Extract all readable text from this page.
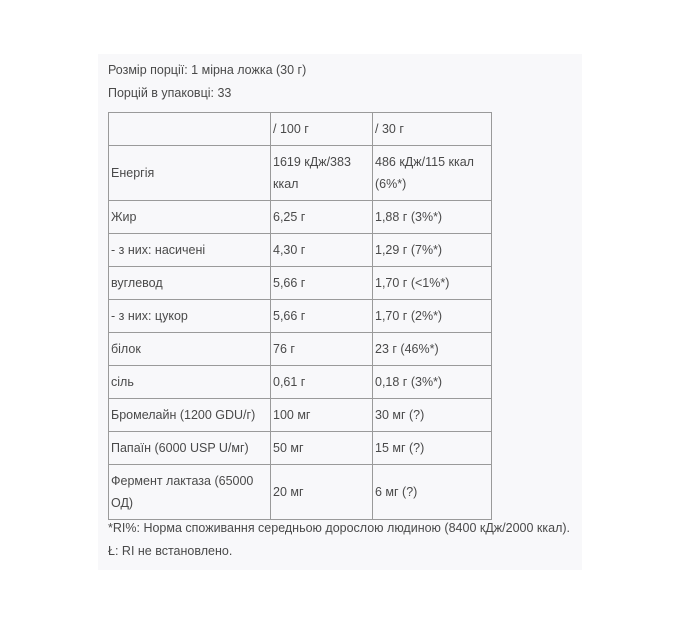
Розмір порції: 1 мірна ложка (30 г)
Порцій в упаковці: 33
	/ 100 г	/ 30 г
Енергія	1619 кДж/383 ккал	486 кДж/115 ккал (6%*)
Жир	6,25 г	1,88 г (3%*)
- з них: насичені	4,30 г	1,29 г (7%*)
вуглевод	5,66 г	1,70 г (<1%*)
- з них: цукор	5,66 г	1,70 г (2%*)
білок	76 г	23 г (46%*)
сіль	0,61 г	0,18 г (3%*)
Бромелайн (1200 GDU/г)	100 мг	30 мг (?)
Папаїн (6000 USP U/мг)	50 мг	15 мг (?)
Фермент лактаза (65000 ОД)	20 мг	6 мг (?)
*RI%: Норма споживання середньою дорослою людиною (8400 кДж/2000 ккал).
Ł: RI не встановлено.
